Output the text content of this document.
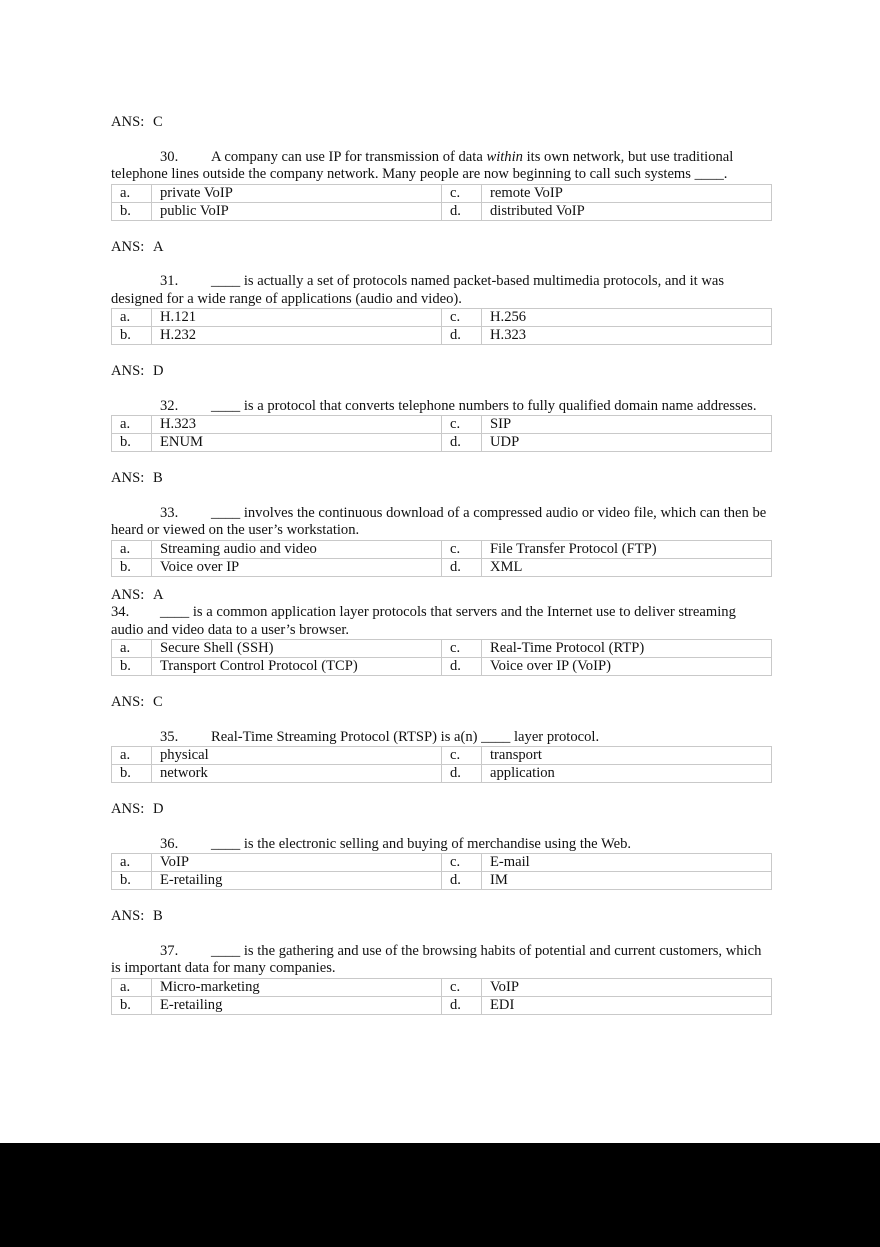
ANS: C

30. A company can use IP for transmission of data within its own network, but use traditional telephone lines outside the company network. Many people are now beginning to call such systems ____.

a.	private VoIP	c.	remote VoIP
b.	public VoIP	d.	distributed VoIP

ANS: A

31. ____ is actually a set of protocols named packet-based multimedia protocols, and it was designed for a wide range of applications (audio and video).

a.	H.121	c.	H.256
b.	H.232	d.	H.323

ANS: D

32. ____ is a protocol that converts telephone numbers to fully qualified domain name addresses.

a.	H.323	c.	SIP
b.	ENUM	d.	UDP

ANS: B

33. ____ involves the continuous download of a compressed audio or video file, which can then be heard or viewed on the user’s workstation.

a.	Streaming audio and video	c.	File Transfer Protocol (FTP)
b.	Voice over IP	d.	XML

ANS: A

34. ____ is a common application layer protocols that servers and the Internet use to deliver streaming audio and video data to a user’s browser.

a.	Secure Shell (SSH)	c.	Real-Time Protocol (RTP)
b.	Transport Control Protocol (TCP)	d.	Voice over IP (VoIP)

ANS: C

35. Real-Time Streaming Protocol (RTSP) is a(n) ____ layer protocol.

a.	physical	c.	transport
b.	network	d.	application

ANS: D

36. ____ is the electronic selling and buying of merchandise using the Web.

a.	VoIP	c.	E-mail
b.	E-retailing	d.	IM

ANS: B

37. ____ is the gathering and use of the browsing habits of potential and current customers, which is important data for many companies.

a.	Micro-marketing	c.	VoIP
b.	E-retailing	d.	EDI
